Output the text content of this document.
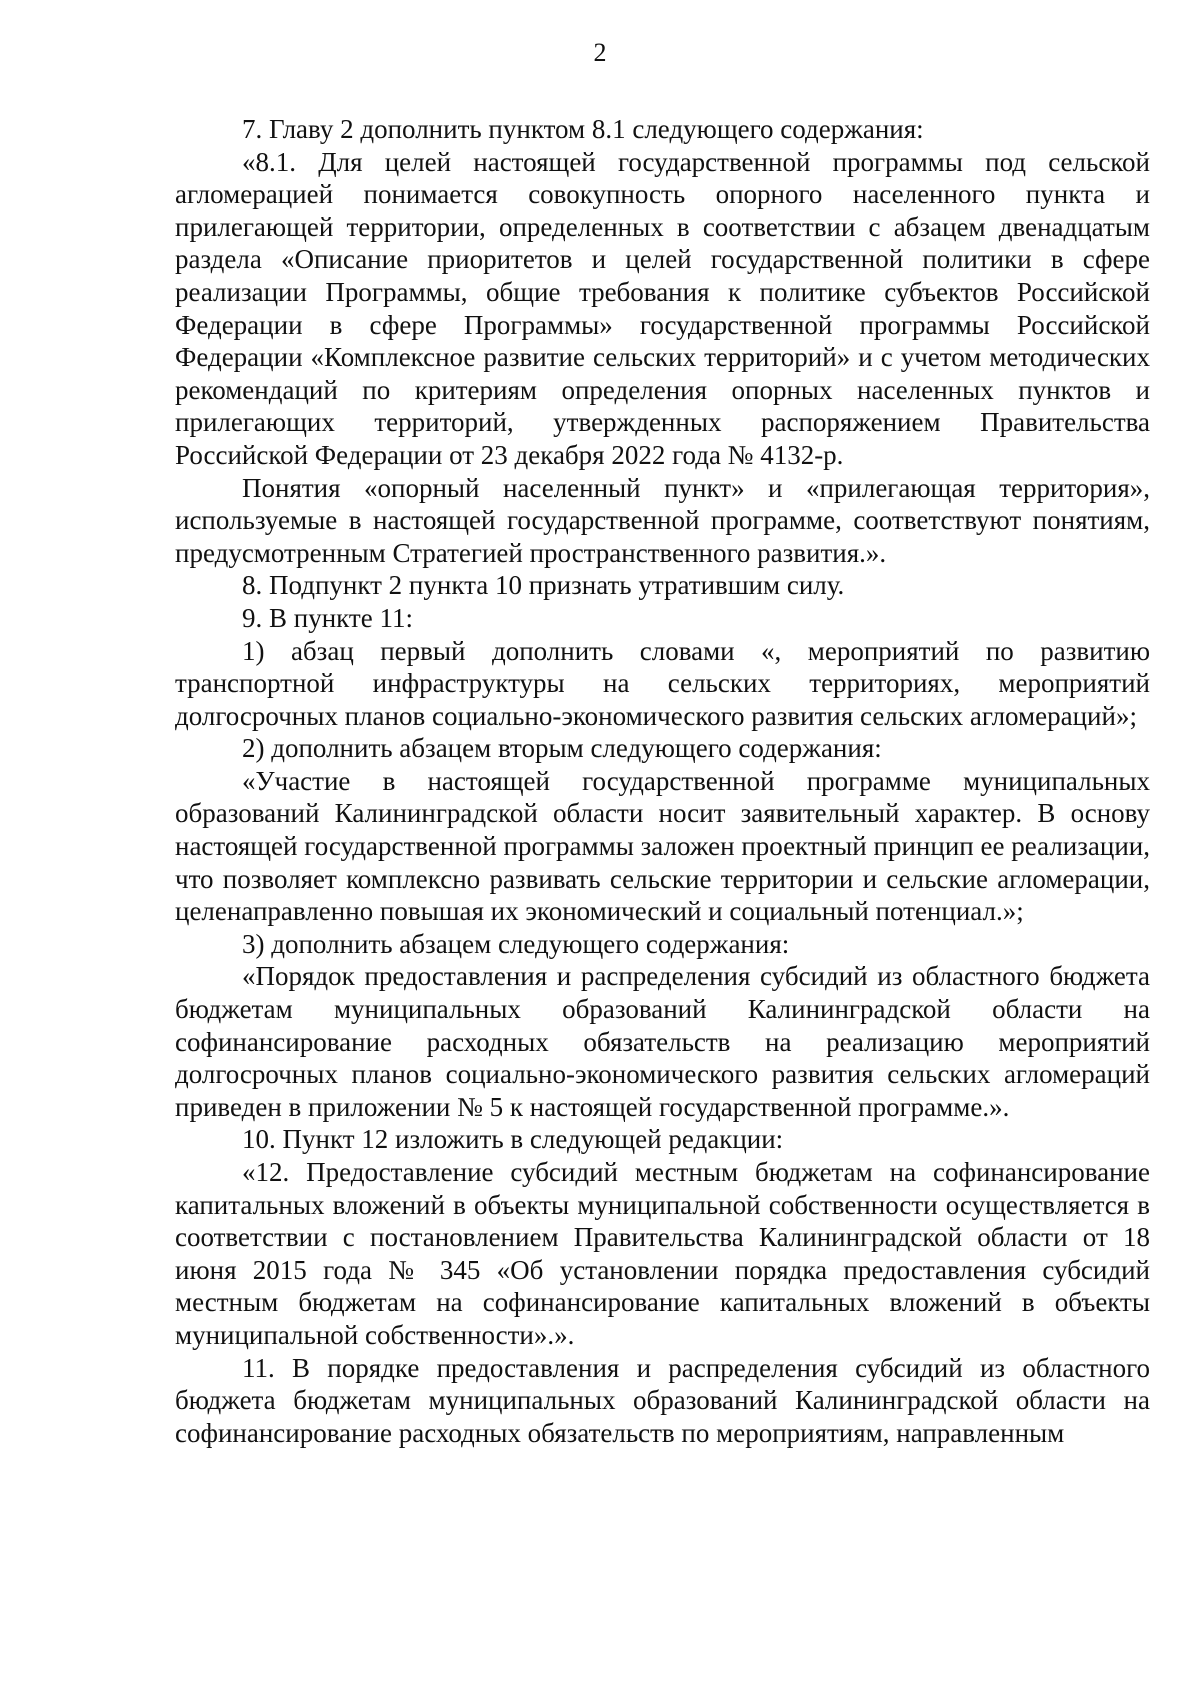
2

7. Главу 2 дополнить пунктом 8.1 следующего содержания:

«8.1. Для целей настоящей государственной программы под сельской агломерацией понимается совокупность опорного населенного пункта и прилегающей территории, определенных в соответствии с абзацем двенадцатым раздела «Описание приоритетов и целей государственной политики в сфере реализации Программы, общие требования к политике субъектов Российской Федерации в сфере Программы» государственной программы Российской Федерации «Комплексное развитие сельских территорий» и с учетом методических рекомендаций по критериям определения опорных населенных пунктов и прилегающих территорий, утвержденных распоряжением Правительства Российской Федерации от 23 декабря 2022 года № 4132-р.

Понятия «опорный населенный пункт» и «прилегающая территория», используемые в настоящей государственной программе, соответствуют понятиям, предусмотренным Стратегией пространственного развития.».

8. Подпункт 2 пункта 10 признать утратившим силу.

9. В пункте 11:

1) абзац первый дополнить словами «, мероприятий по развитию транспортной инфраструктуры на сельских территориях, мероприятий долгосрочных планов социально-экономического развития сельских агломераций»;

2) дополнить абзацем вторым следующего содержания:

«Участие в настоящей государственной программе муниципальных образований Калининградской области носит заявительный характер. В основу настоящей государственной программы заложен проектный принцип ее реализации, что позволяет комплексно развивать сельские территории и сельские агломерации, целенаправленно повышая их экономический и социальный потенциал.»;

3) дополнить абзацем следующего содержания:

«Порядок предоставления и распределения субсидий из областного бюджета бюджетам муниципальных образований Калининградской области на софинансирование расходных обязательств на реализацию мероприятий долгосрочных планов социально-экономического развития сельских агломераций приведен в приложении № 5 к настоящей государственной программе.».

10. Пункт 12 изложить в следующей редакции:

«12. Предоставление субсидий местным бюджетам на софинансирование капитальных вложений в объекты муниципальной собственности осуществляется в соответствии с постановлением Правительства Калининградской области от 18 июня 2015 года № 345 «Об установлении порядка предоставления субсидий местным бюджетам на софинансирование капитальных вложений в объекты муниципальной собственности».».

11. В порядке предоставления и распределения субсидий из областного бюджета бюджетам муниципальных образований Калининградской области на софинансирование расходных обязательств по мероприятиям, направленным
